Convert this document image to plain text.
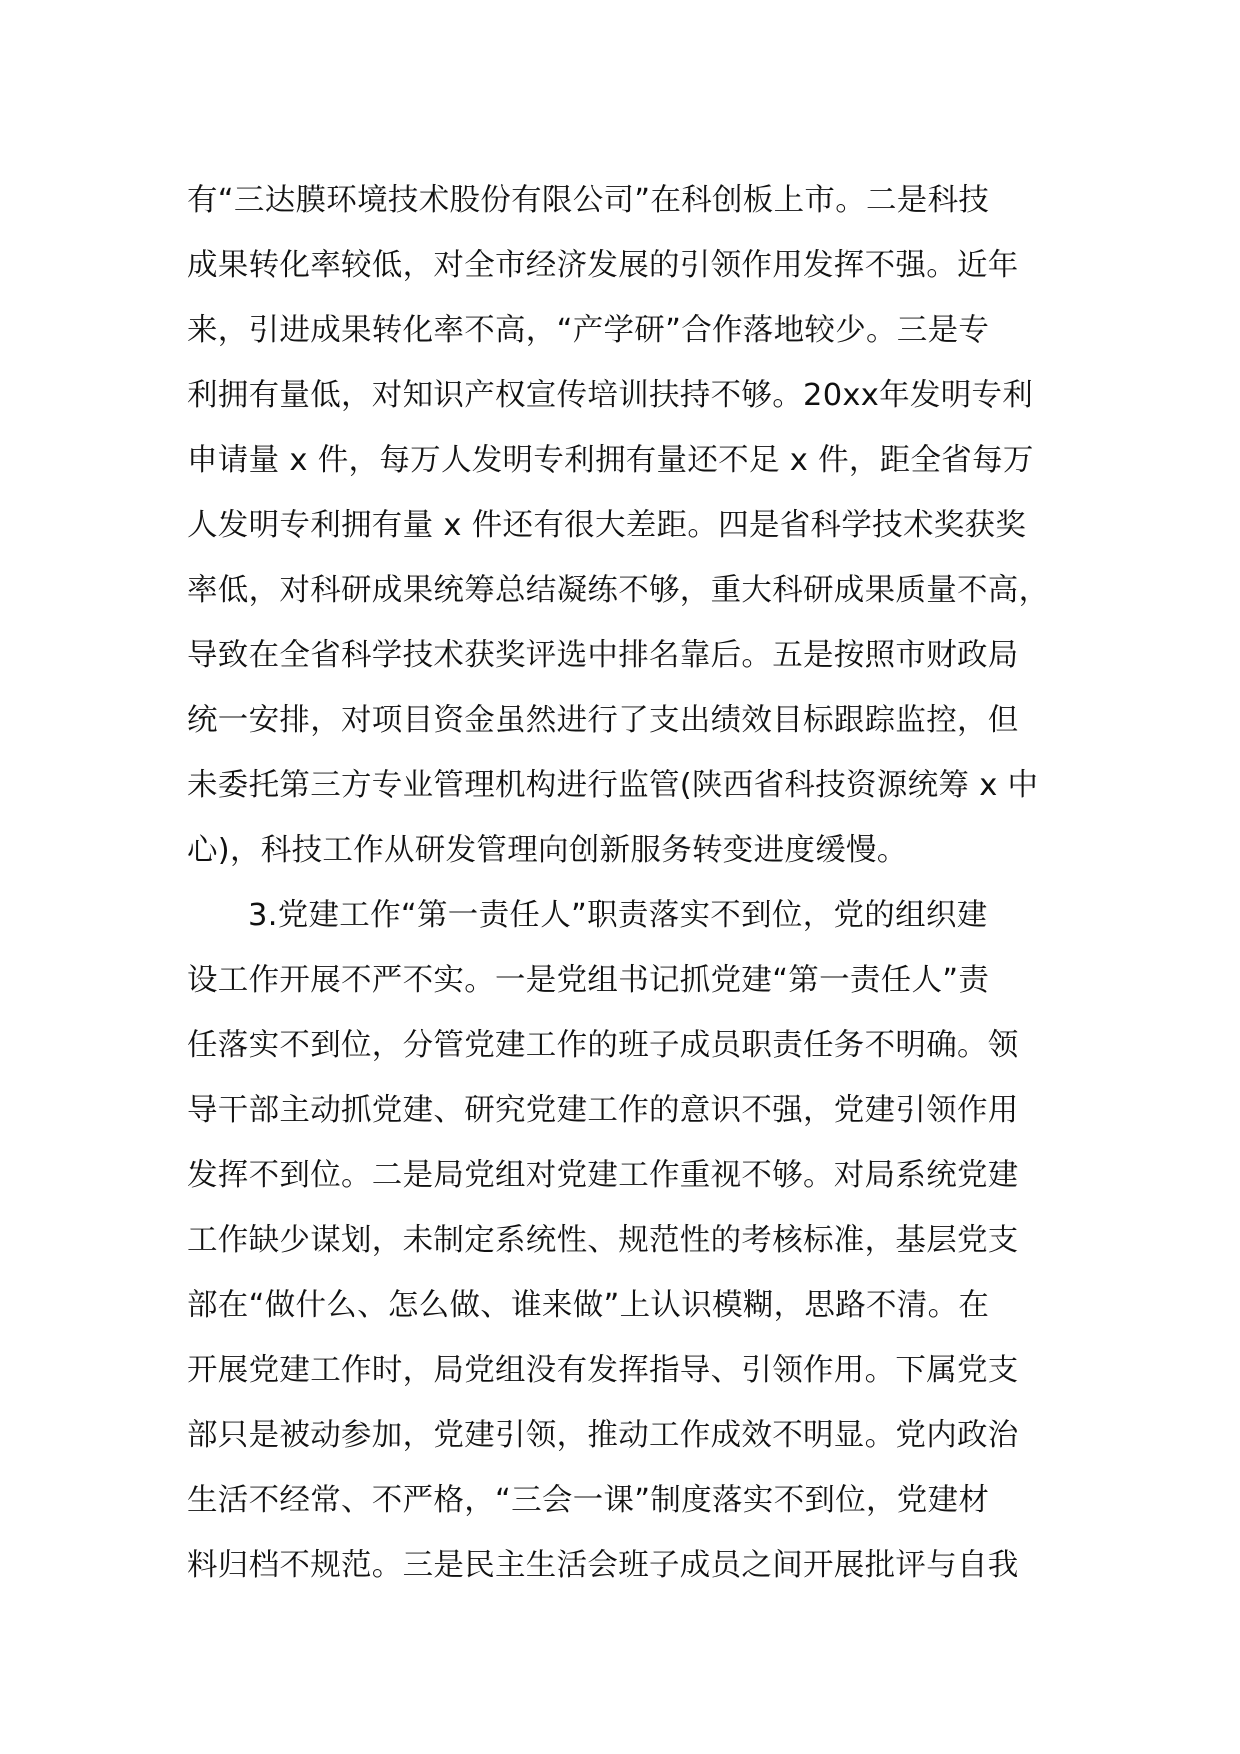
有“三达膜环境技术股份有限公司”在科创板上市。二是科技
成果转化率较低，对全市经济发展的引领作用发挥不强。近年
来，引进成果转化率不高，“产学研”合作落地较少。三是专
利拥有量低，对知识产权宣传培训扶持不够。20xx年发明专利
申请量 x 件，每万人发明专利拥有量还不足 x 件，距全省每万
人发明专利拥有量 x 件还有很大差距。四是省科学技术奖获奖
率低，对科研成果统筹总结凝练不够，重大科研成果质量不高，
导致在全省科学技术获奖评选中排名靠后。五是按照市财政局
统一安排，对项目资金虽然进行了支出绩效目标跟踪监控，但
未委托第三方专业管理机构进行监管(陕西省科技资源统筹 x 中
心)，科技工作从研发管理向创新服务转变进度缓慢。
3.党建工作“第一责任人”职责落实不到位，党的组织建
设工作开展不严不实。一是党组书记抓党建“第一责任人”责
任落实不到位，分管党建工作的班子成员职责任务不明确。领
导干部主动抓党建、研究党建工作的意识不强，党建引领作用
发挥不到位。二是局党组对党建工作重视不够。对局系统党建
工作缺少谋划，未制定系统性、规范性的考核标准，基层党支
部在“做什么、怎么做、谁来做”上认识模糊，思路不清。在
开展党建工作时，局党组没有发挥指导、引领作用。下属党支
部只是被动参加，党建引领，推动工作成效不明显。党内政治
生活不经常、不严格，“三会一课”制度落实不到位，党建材
料归档不规范。三是民主生活会班子成员之间开展批评与自我
